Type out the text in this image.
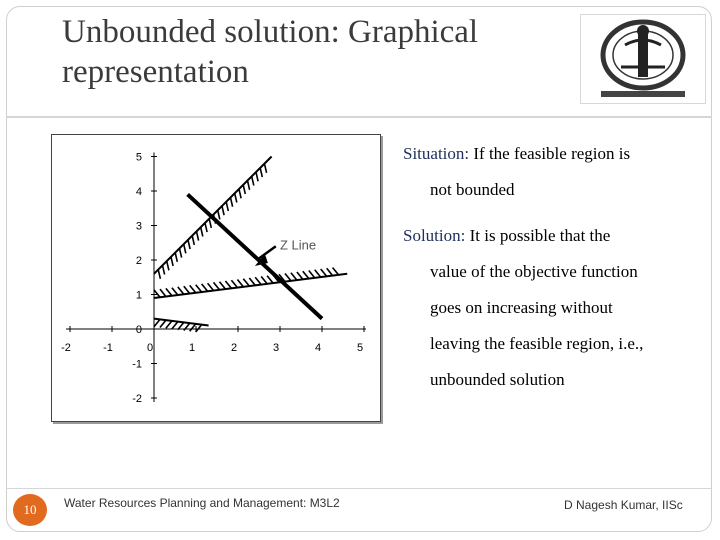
Unbounded solution: Graphical
representation
-2	-1	0	1	2	3	4	5
5
4
3
2
1
0
-1
-2
Z Line

Situation: If the feasible region is
not bounded

Solution: It is possible that the
value of the objective function
goes on increasing without
leaving the feasible region, i.e.,
unbounded solution

10	Water Resources Planning and Management: M3L2	D Nagesh Kumar, IISc
